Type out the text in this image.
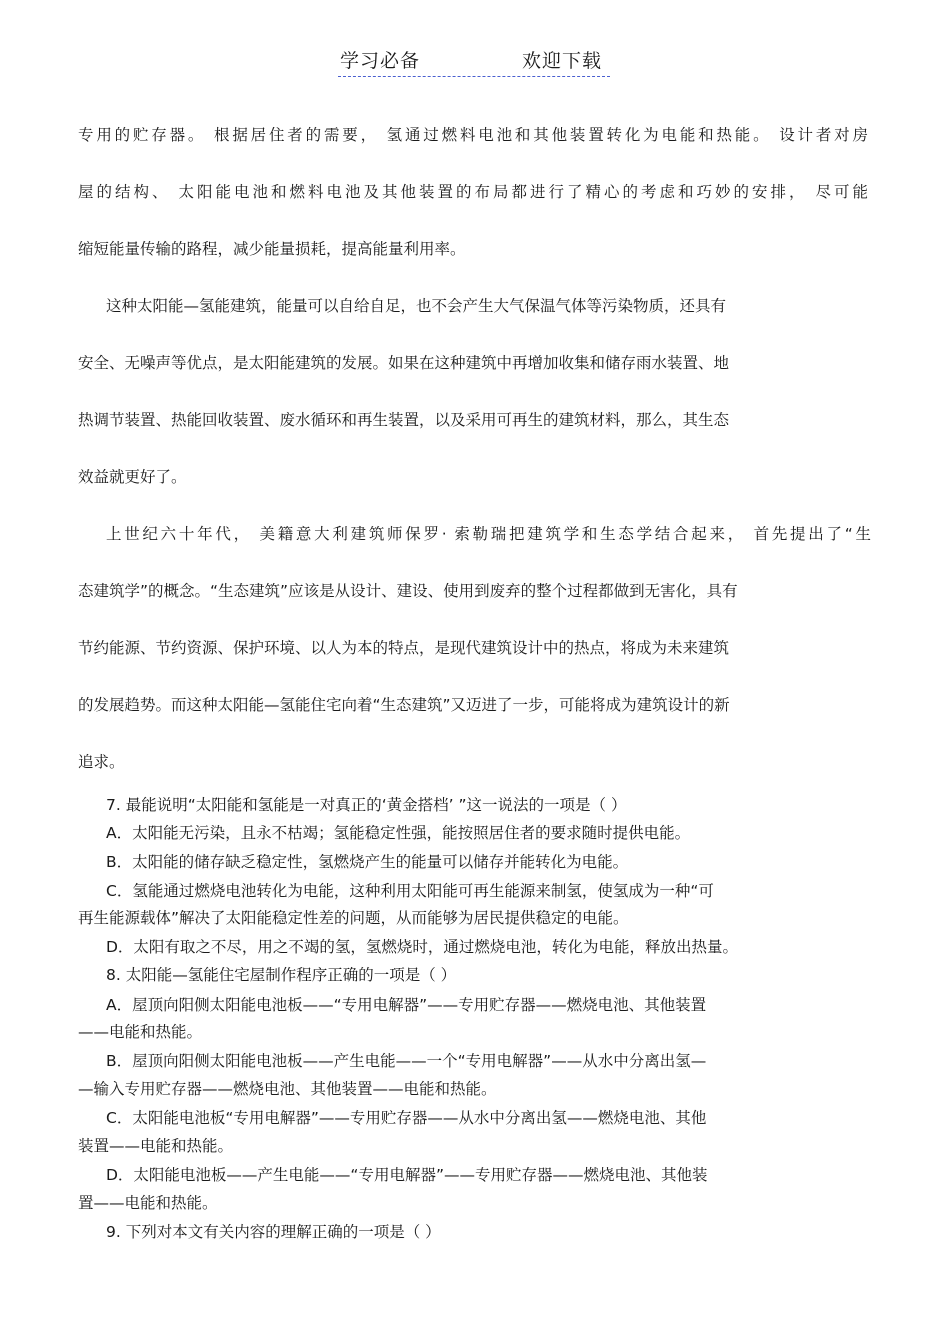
学习必备	欢迎下载
专用的贮存器。 根据居住者的需要， 氢通过燃料电池和其他装置转化为电能和热能。 设计者对房
屋的结构、 太阳能电池和燃料电池及其他装置的布局都进行了精心的考虑和巧妙的安排， 尽可能
缩短能量传输的路程，减少能量损耗，提高能量利用率。
这种太阳能—氢能建筑，能量可以自给自足，也不会产生大气保温气体等污染物质，还具有
安全、无噪声等优点，是太阳能建筑的发展。如果在这种建筑中再增加收集和储存雨水装置、地
热调节装置、热能回收装置、废水循环和再生装置，以及采用可再生的建筑材料，那么，其生态
效益就更好了。
上世纪六十年代， 美籍意大利建筑师保罗· 索勒瑞把建筑学和生态学结合起来， 首先提出了“生
态建筑学”的概念。“生态建筑”应该是从设计、建设、使用到废弃的整个过程都做到无害化，具有
节约能源、节约资源、保护环境、以人为本的特点，是现代建筑设计中的热点，将成为未来建筑
的发展趋势。而这种太阳能—氢能住宅向着“生态建筑”又迈进了一步，可能将成为建筑设计的新
追求。
7. 最能说明“太阳能和氢能是一对真正的‘黄金搭档’ ”这一说法的一项是（ ）
A．太阳能无污染，且永不枯竭；氢能稳定性强，能按照居住者的要求随时提供电能。
B．太阳能的储存缺乏稳定性，氢燃烧产生的能量可以储存并能转化为电能。
C．氢能通过燃烧电池转化为电能，这种利用太阳能可再生能源来制氢，使氢成为一种“可
再生能源载体”解决了太阳能稳定性差的问题，从而能够为居民提供稳定的电能。
D．太阳有取之不尽，用之不竭的氢，氢燃烧时，通过燃烧电池，转化为电能，释放出热量。
8. 太阳能—氢能住宅屋制作程序正确的一项是（ ）
A．屋顶向阳侧太阳能电池板——“专用电解器”——专用贮存器——燃烧电池、其他装置
——电能和热能。
B．屋顶向阳侧太阳能电池板——产生电能——一个“专用电解器”——从水中分离出氢—
—输入专用贮存器——燃烧电池、其他装置——电能和热能。
C．太阳能电池板“专用电解器”——专用贮存器——从水中分离出氢——燃烧电池、其他
装置——电能和热能。
D．太阳能电池板——产生电能——“专用电解器”——专用贮存器——燃烧电池、其他装
置——电能和热能。
9. 下列对本文有关内容的理解正确的一项是（ ）
